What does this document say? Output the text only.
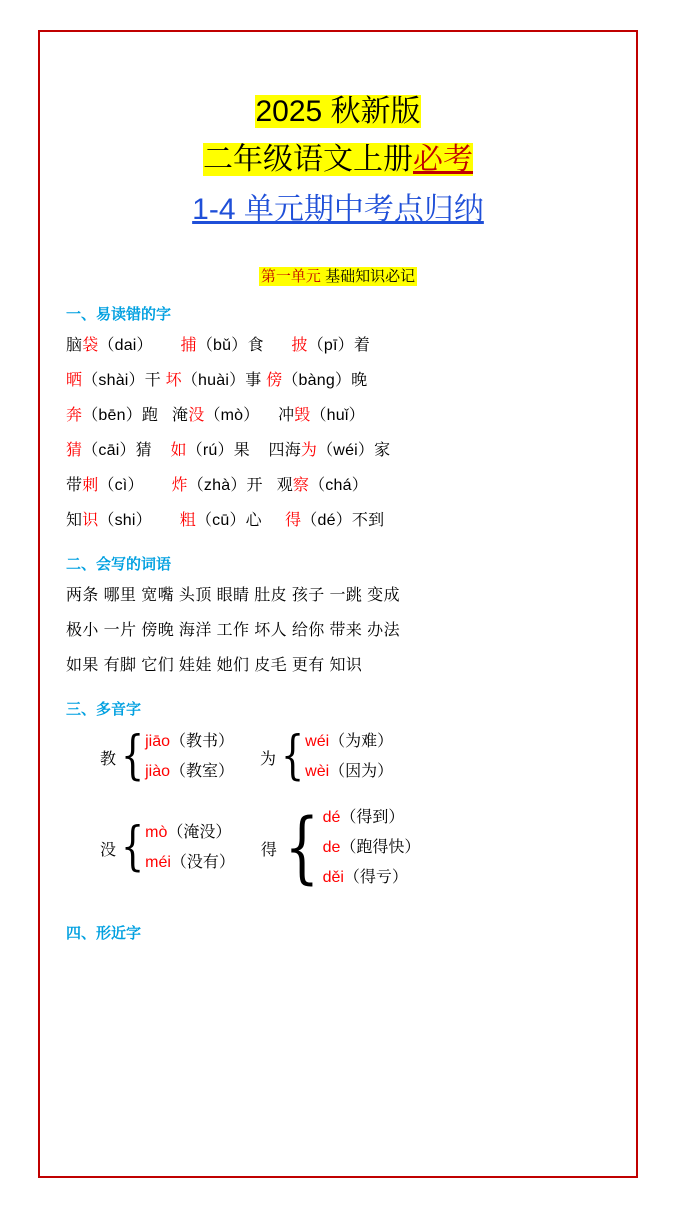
2025 秋新版
二年级语文上册必考
1-4 单元期中考点归纳
第一单元 基础知识必记
一、易读错的字
脑袋（dai） 捕（bǔ）食 披（pī）着
晒（shài）干 坏（huài）事 傍（bàng）晚
奔（bēn）跑 淹没（mò） 冲毁（huǐ）
猜（cāi）猜 如（rú）果 四海为（wéi）家
带刺（cì） 炸（zhà）开 观察（chá）
知识（shi） 粗（cū）心 得（dé）不到
二、会写的词语
两条 哪里 宽嘴 头顶 眼睛 肚皮 孩子 一跳 变成
极小 一片 傍晚 海洋 工作 坏人 给你 带来 办法
如果 有脚 它们 娃娃 她们 皮毛 更有 知识
三、多音字
教 { jiāo（教书）
jiào（教室）
为 { wéi（为难）
wèi（因为）
没 { mò（淹没）
méi（没有）
得 { dé（得到）
de（跑得快）
děi（得亏）
四、形近字
